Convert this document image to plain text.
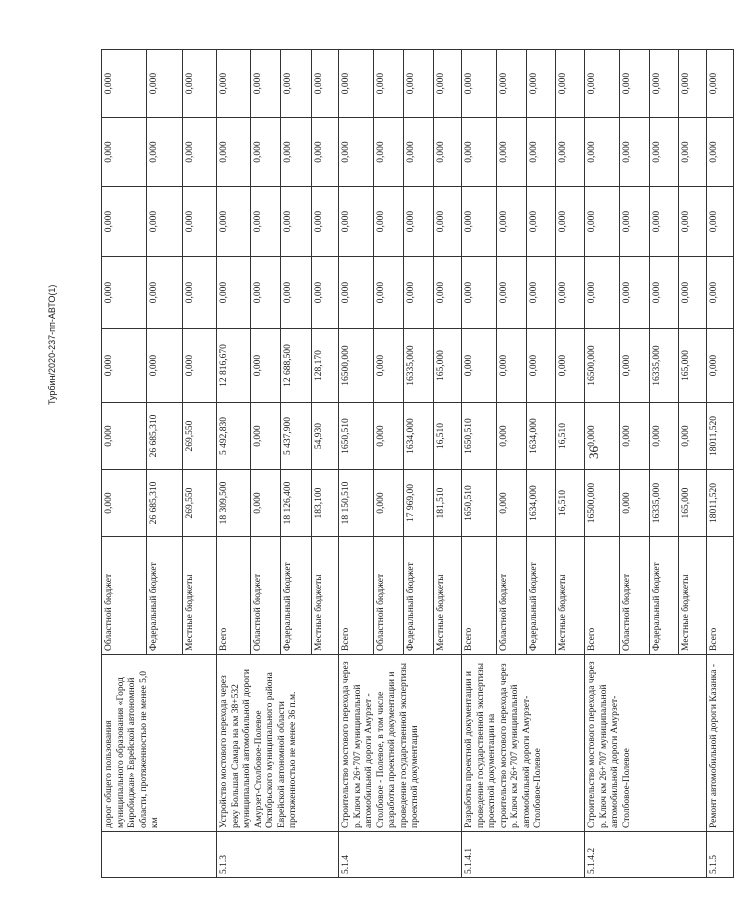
36
Турбин/2020-237-пп-АВТО(1)
	дорог общего пользования муниципального образования «Город Биробиджан» Еврейской автономной области, протяженностью не менее 5,0 км	Областной бюджет	0,000	0,000	0,000	0,000	0,000	0,000	0,000
		Федеральный бюджет	26 685,310	26 685,310	0,000	0,000	0,000	0,000	0,000
		Местные бюджеты	269,550	269,550	0,000	0,000	0,000	0,000	0,000
5.1.3	Устройство мостового перехода через реку Большая Самара на км 38+532 муниципальной автомобильной дороги Амурзет-Столбовое-Полевое Октябрьского муниципального района Еврейской автономной области протяженностью не менее 36 п.м.	Всего	18 309,500	5 492,830	12 816,670	0,000	0,000	0,000	0,000
		Областной бюджет	0,000	0,000	0,000	0,000	0,000	0,000	0,000
		Федеральный бюджет	18 126,400	5 437,900	12 688,500	0,000	0,000	0,000	0,000
		Местные бюджеты	183,100	54,930	128,170	0,000	0,000	0,000	0,000
5.1.4	Строительство мостового перехода через р. Ключ км 26+707 муниципальной автомобильной дороги Амурзет - Столбовое - Полевое, в том числе разработка проектной документации и проведение государственной экспертизы проектной документации	Всего	18 150,510	1650,510	16500,000	0,000	0,000	0,000	0,000
		Областной бюджет	0,000	0,000	0,000	0,000	0,000	0,000	0,000
		Федеральный бюджет	17 969,00	1634,000	16335,000	0,000	0,000	0,000	0,000
		Местные бюджеты	181,510	16,510	165,000	0,000	0,000	0,000	0,000
5.1.4.1	Разработка проектной документации и проведение государственной экспертизы проектной документации на строительство мостового перехода через р. Ключ км 26+707 муниципальной автомобильной дороги Амурзет-Столбовое-Полевое	Всего	1650,510	1650,510	0,000	0,000	0,000	0,000	0,000
		Областной бюджет	0,000	0,000	0,000	0,000	0,000	0,000	0,000
		Федеральный бюджет	1634,000	1634,000	0,000	0,000	0,000	0,000	0,000
		Местные бюджеты	16,510	16,510	0,000	0,000	0,000	0,000	0,000
5.1.4.2	Строительство мостового перехода через р. Ключ км 26+707 муниципальной автомобильной дороги Амурзет-Столбовое-Полевое	Всего	16500,000	0,000	16500,000	0,000	0,000	0,000	0,000
		Областной бюджет	0,000	0,000	0,000	0,000	0,000	0,000	0,000
		Федеральный бюджет	16335,000	0,000	16335,000	0,000	0,000	0,000	0,000
		Местные бюджеты	165,000	0,000	165,000	0,000	0,000	0,000	0,000
5.1.5	Ремонт автомобильной дороги Казанка -	Всего	18011,520	18011,520	0,000	0,000	0,000	0,000	0,000
